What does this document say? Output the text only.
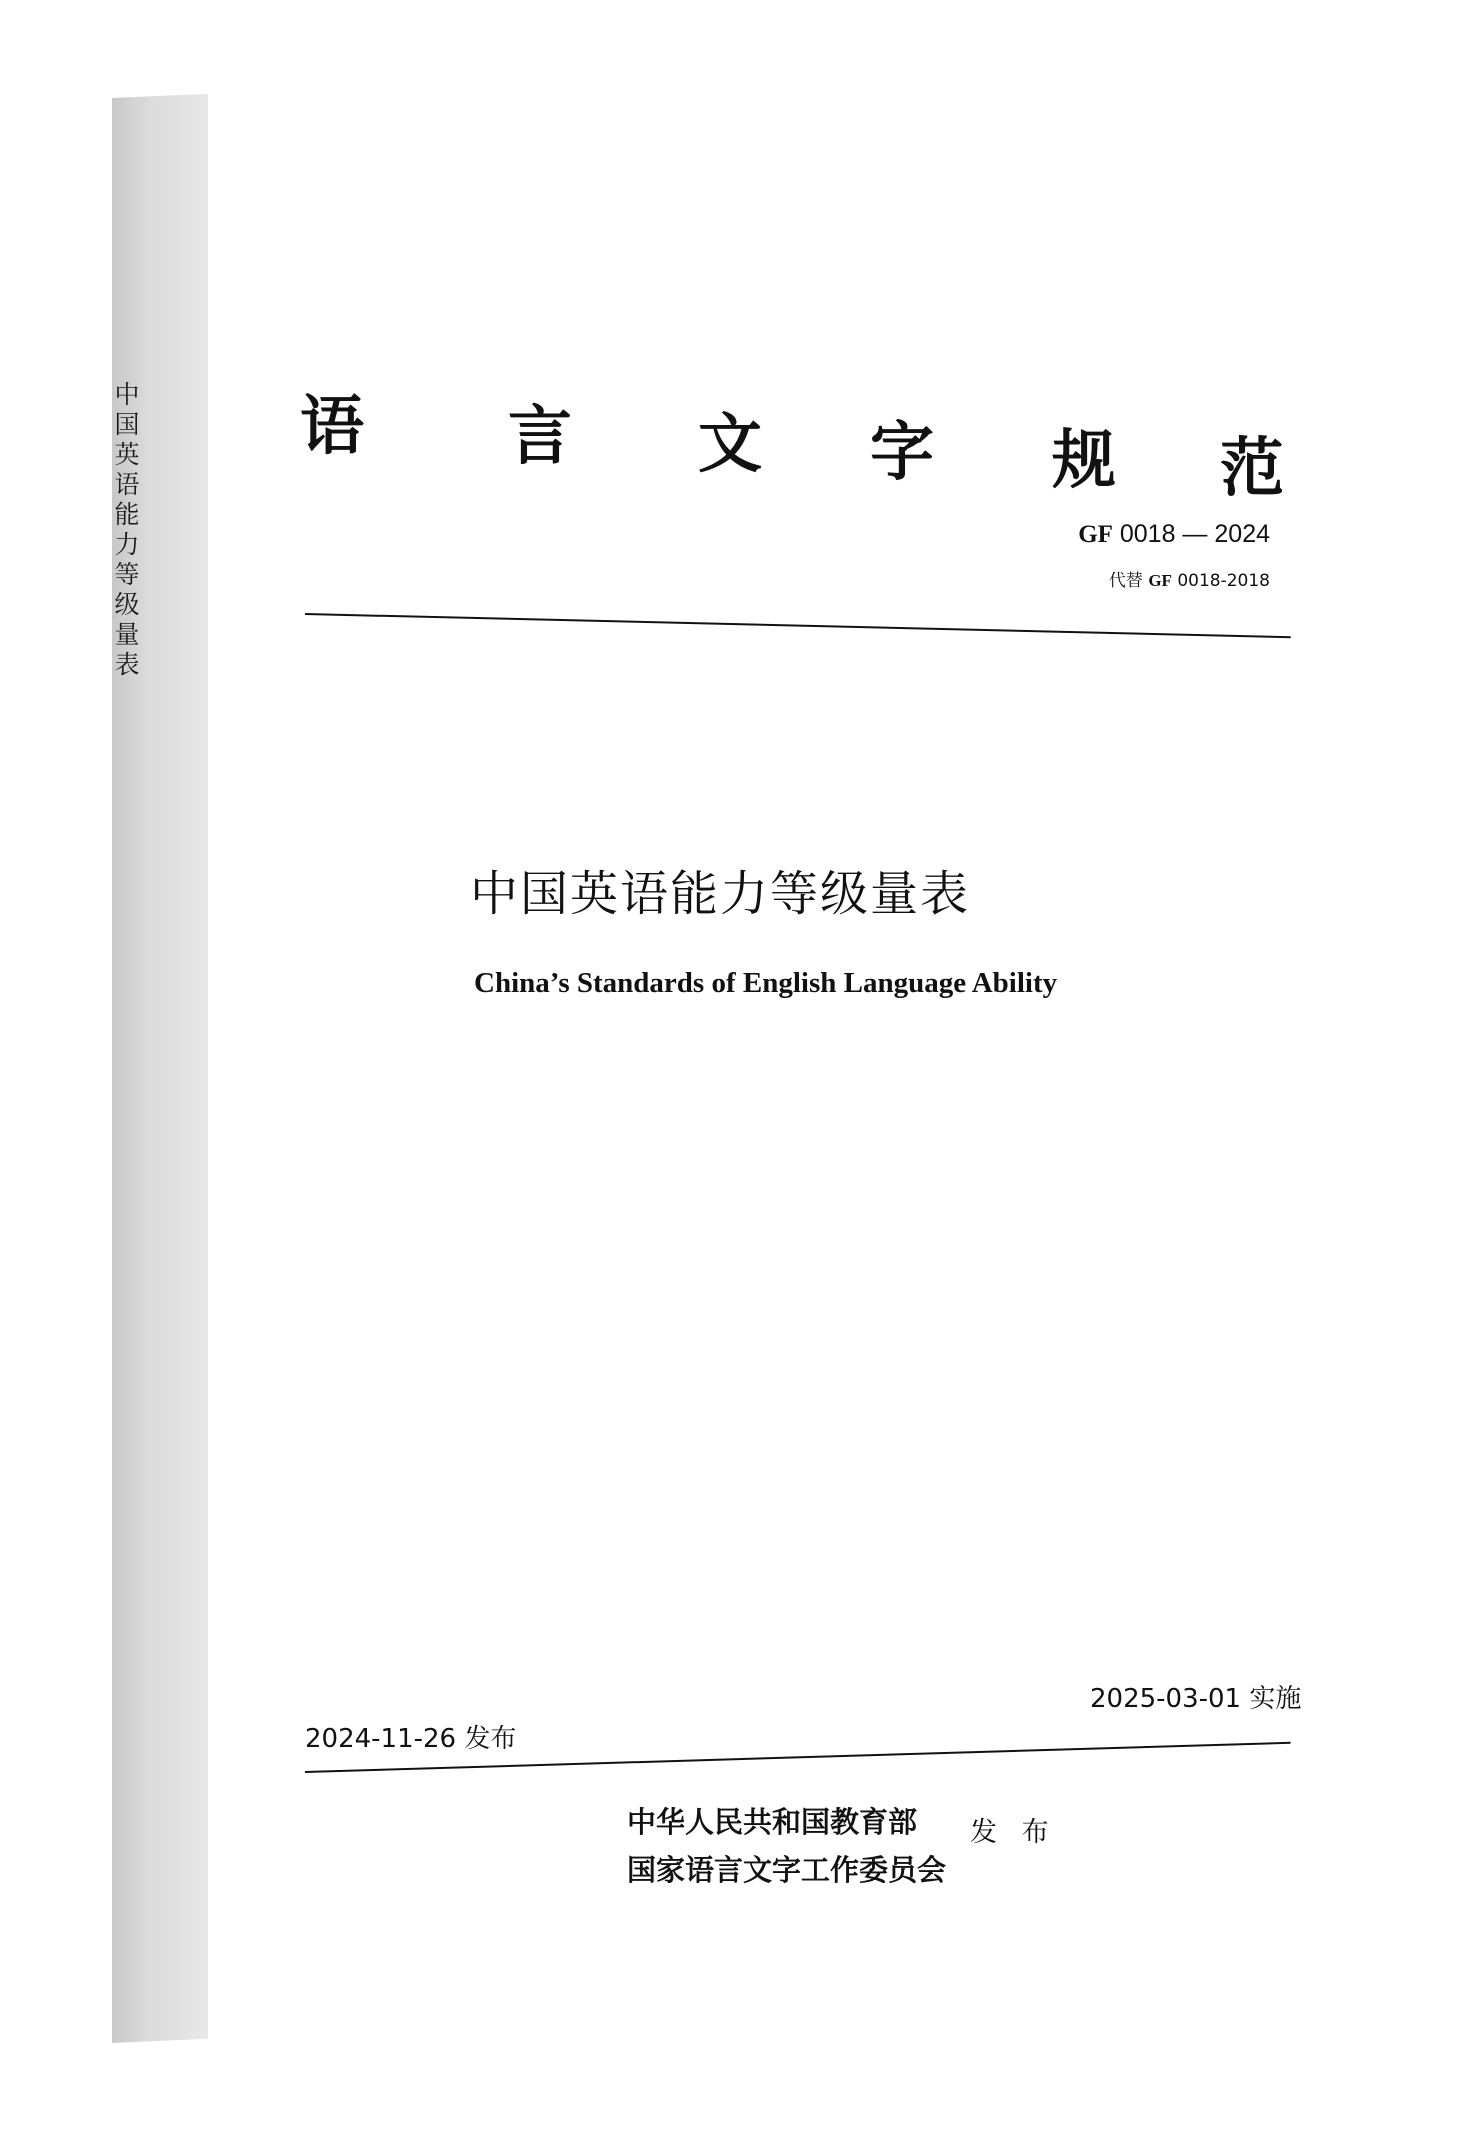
中国英语能力等级量表
语 言 文 字 规 范
GF 0018 — 2024
代替 GF 0018-2018
中国英语能力等级量表
China’s Standards of English Language Ability
2025-03-01 实施
2024-11-26 发布
中华人民共和国教育部
国家语言文字工作委员会
发 布
